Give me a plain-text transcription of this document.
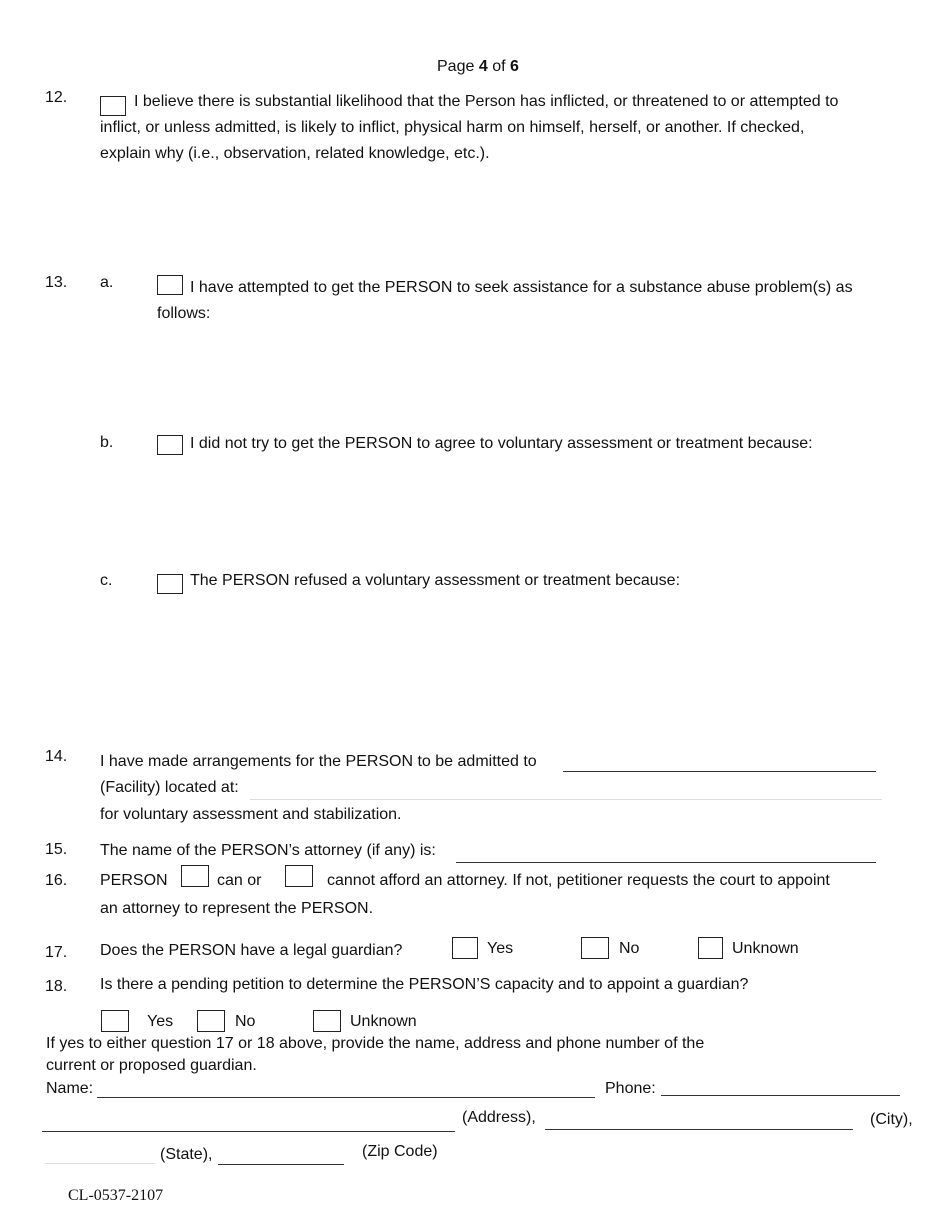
Page 4 of 6
12.	I believe there is substantial likelihood that the Person has inflicted, or threatened to or attempted to
inflict, or unless admitted, is likely to inflict, physical harm on himself, herself, or another. If checked,
explain why (i.e., observation, related knowledge, etc.).
13. a.	I have attempted to get the PERSON to seek assistance for a substance abuse problem(s) as
follows:
b.	I did not try to get the PERSON to agree to voluntary assessment or treatment because:
c.	The PERSON refused a voluntary assessment or treatment because:
14. I have made arrangements for the PERSON to be admitted to
(Facility) located at:
for voluntary assessment and stabilization.
15. The name of the PERSON’s attorney (if any) is:
16. PERSON	can or	cannot afford an attorney. If not, petitioner requests the court to appoint
an attorney to represent the PERSON.
17. Does the PERSON have a legal guardian?	Yes	No	Unknown
18. Is there a pending petition to determine the PERSON’S capacity and to appoint a guardian?
Yes	No	Unknown
If yes to either question 17 or 18 above, provide the name, address and phone number of the
current or proposed guardian.
Name:	Phone:
(Address),	(City),
(State),	(Zip Code)
CL-0537-2107
